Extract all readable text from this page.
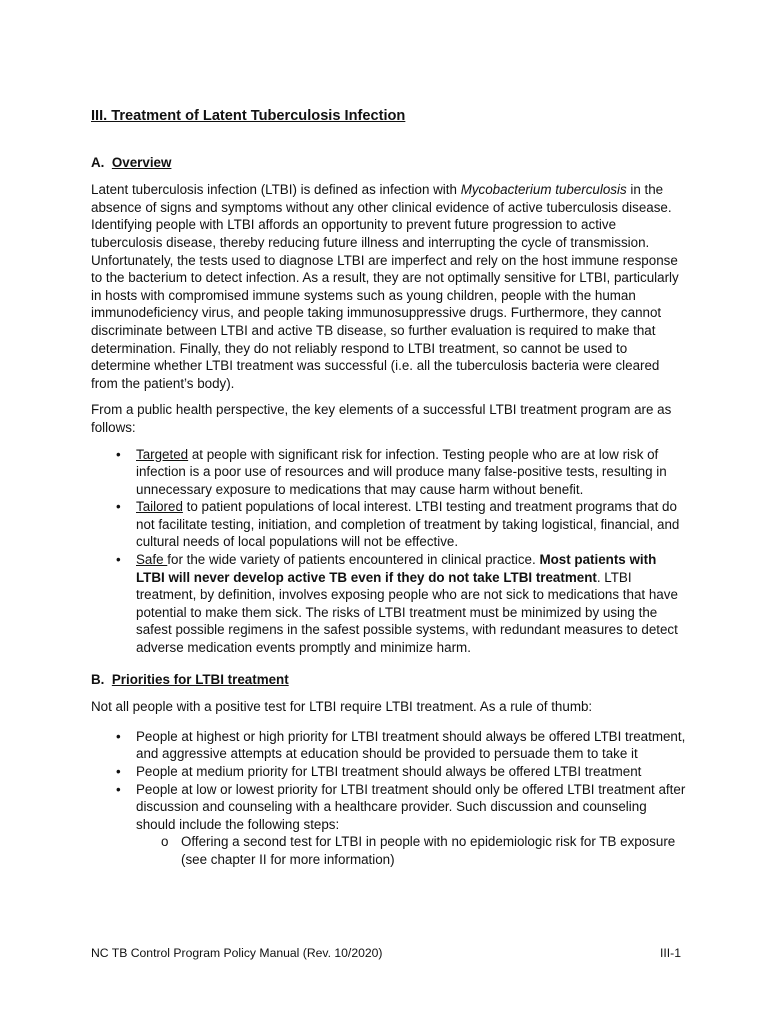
III. Treatment of Latent Tuberculosis Infection
A. Overview

Latent tuberculosis infection (LTBI) is defined as infection with Mycobacterium tuberculosis in the absence of signs and symptoms without any other clinical evidence of active tuberculosis disease. Identifying people with LTBI affords an opportunity to prevent future progression to active tuberculosis disease, thereby reducing future illness and interrupting the cycle of transmission. Unfortunately, the tests used to diagnose LTBI are imperfect and rely on the host immune response to the bacterium to detect infection. As a result, they are not optimally sensitive for LTBI, particularly in hosts with compromised immune systems such as young children, people with the human immunodeficiency virus, and people taking immunosuppressive drugs. Furthermore, they cannot discriminate between LTBI and active TB disease, so further evaluation is required to make that determination. Finally, they do not reliably respond to LTBI treatment, so cannot be used to determine whether LTBI treatment was successful (i.e. all the tuberculosis bacteria were cleared from the patient’s body).

From a public health perspective, the key elements of a successful LTBI treatment program are as follows:

• Targeted at people with significant risk for infection. Testing people who are at low risk of infection is a poor use of resources and will produce many false-positive tests, resulting in unnecessary exposure to medications that may cause harm without benefit.
• Tailored to patient populations of local interest. LTBI testing and treatment programs that do not facilitate testing, initiation, and completion of treatment by taking logistical, financial, and cultural needs of local populations will not be effective.
• Safe for the wide variety of patients encountered in clinical practice. Most patients with LTBI will never develop active TB even if they do not take LTBI treatment. LTBI treatment, by definition, involves exposing people who are not sick to medications that have potential to make them sick. The risks of LTBI treatment must be minimized by using the safest possible regimens in the safest possible systems, with redundant measures to detect adverse medication events promptly and minimize harm.
B. Priorities for LTBI treatment

Not all people with a positive test for LTBI require LTBI treatment. As a rule of thumb:

• People at highest or high priority for LTBI treatment should always be offered LTBI treatment, and aggressive attempts at education should be provided to persuade them to take it
• People at medium priority for LTBI treatment should always be offered LTBI treatment
• People at low or lowest priority for LTBI treatment should only be offered LTBI treatment after discussion and counseling with a healthcare provider. Such discussion and counseling should include the following steps:
o Offering a second test for LTBI in people with no epidemiologic risk for TB exposure (see chapter II for more information)
NC TB Control Program Policy Manual (Rev. 10/2020)	III-1
